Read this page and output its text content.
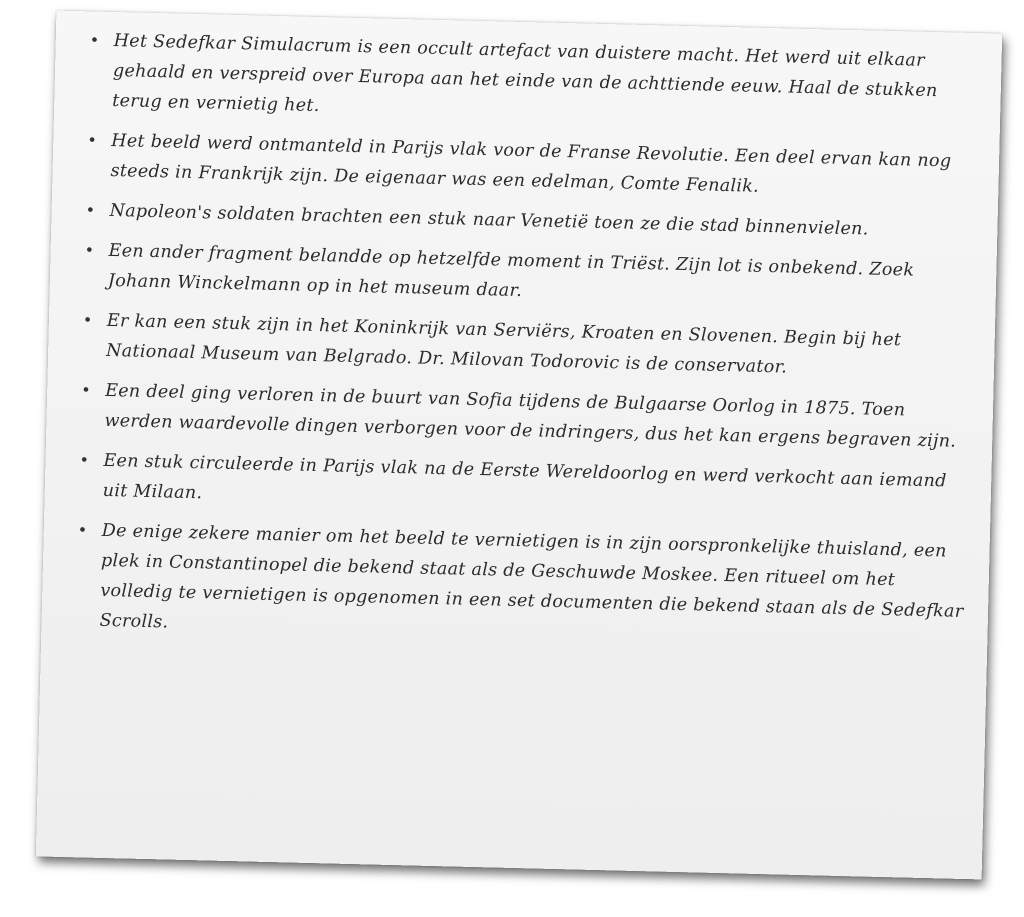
• Het Sedefkar Simulacrum is een occult artefact van duistere macht. Het werd uit elkaar gehaald en verspreid over Europa aan het einde van de achttiende eeuw. Haal de stukken terug en vernietig het.
• Het beeld werd ontmanteld in Parijs vlak voor de Franse Revolutie. Een deel ervan kan nog steeds in Frankrijk zijn. De eigenaar was een edelman, Comte Fenalik.
• Napoleon's soldaten brachten een stuk naar Venetië toen ze die stad binnenvielen.
• Een ander fragment belandde op hetzelfde moment in Triëst. Zijn lot is onbekend. Zoek Johann Winckelmann op in het museum daar.
• Er kan een stuk zijn in het Koninkrijk van Serviërs, Kroaten en Slovenen. Begin bij het Nationaal Museum van Belgrado. Dr. Milovan Todorovic is de conservator.
• Een deel ging verloren in de buurt van Sofia tijdens de Bulgaarse Oorlog in 1875. Toen werden waardevolle dingen verborgen voor de indringers, dus het kan ergens begraven zijn.
• Een stuk circuleerde in Parijs vlak na de Eerste Wereldoorlog en werd verkocht aan iemand uit Milaan.
• De enige zekere manier om het beeld te vernietigen is in zijn oorspronkelijke thuisland, een plek in Constantinopel die bekend staat als de Geschuwde Moskee. Een ritueel om het volledig te vernietigen is opgenomen in een set documenten die bekend staan als de Sedefkar Scrolls.
